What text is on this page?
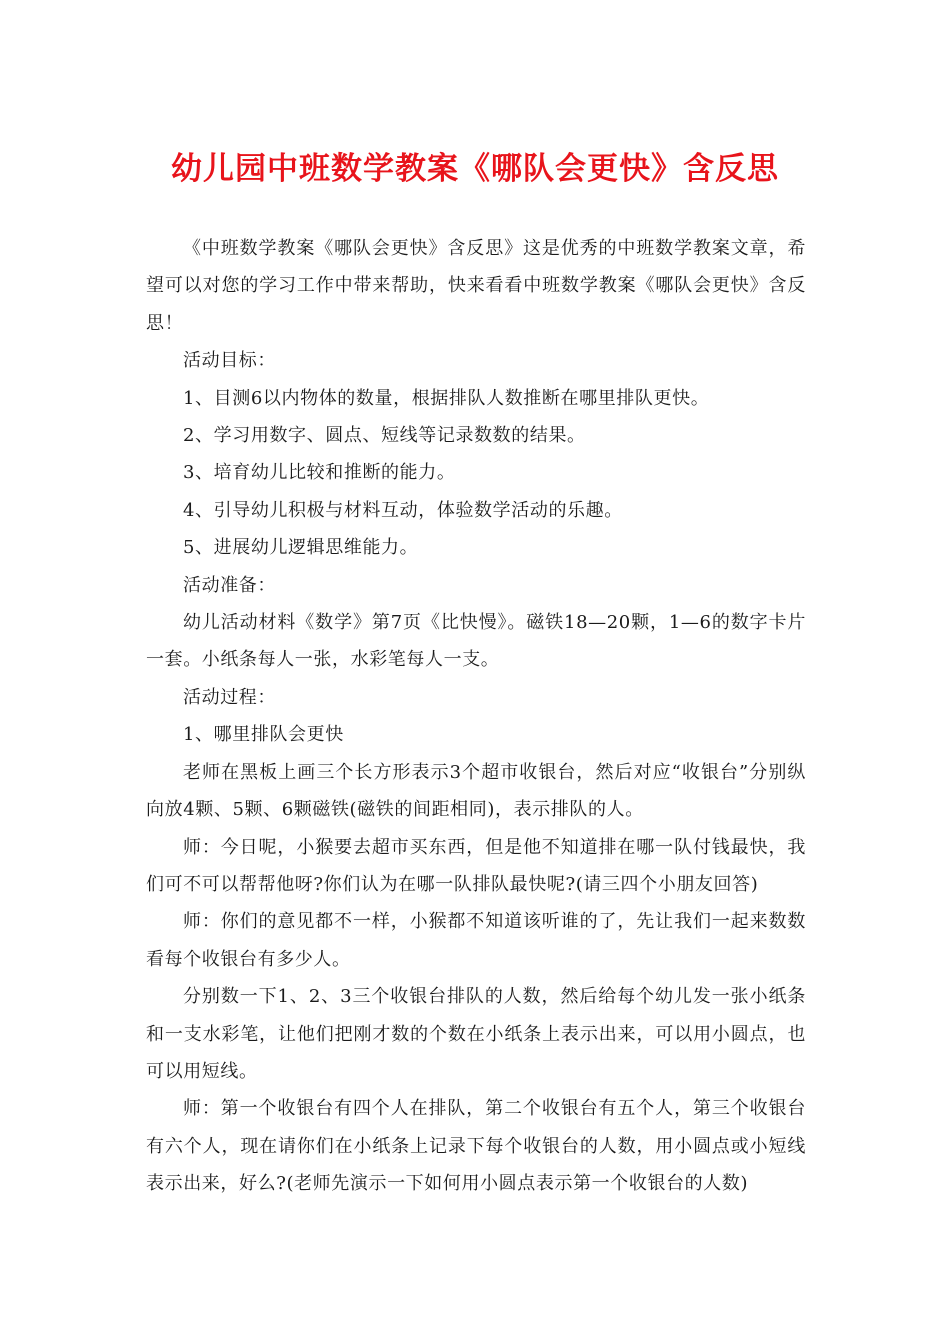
幼儿园中班数学教案《哪队会更快》含反思

《中班数学教案《哪队会更快》含反思》这是优秀的中班数学教案文章，希望可以对您的学习工作中带来帮助，快来看看中班数学教案《哪队会更快》含反思！

活动目标：

1、目测6以内物体的数量，根据排队人数推断在哪里排队更快。

2、学习用数字、圆点、短线等记录数数的结果。

3、培育幼儿比较和推断的能力。

4、引导幼儿积极与材料互动，体验数学活动的乐趣。

5、进展幼儿逻辑思维能力。

活动准备：

幼儿活动材料《数学》第7页《比快慢》。磁铁18—20颗，1—6的数字卡片一套。小纸条每人一张，水彩笔每人一支。

活动过程：

1、哪里排队会更快

老师在黑板上画三个长方形表示3个超市收银台，然后对应“收银台”分别纵向放4颗、5颗、6颗磁铁(磁铁的间距相同)，表示排队的人。

师：今日呢，小猴要去超市买东西，但是他不知道排在哪一队付钱最快，我们可不可以帮帮他呀?你们认为在哪一队排队最快呢?(请三四个小朋友回答)

师：你们的意见都不一样，小猴都不知道该听谁的了，先让我们一起来数数看每个收银台有多少人。

分别数一下1、2、3三个收银台排队的人数，然后给每个幼儿发一张小纸条和一支水彩笔，让他们把刚才数的个数在小纸条上表示出来，可以用小圆点，也可以用短线。

师：第一个收银台有四个人在排队，第二个收银台有五个人，第三个收银台有六个人，现在请你们在小纸条上记录下每个收银台的人数，用小圆点或小短线表示出来，好么?(老师先演示一下如何用小圆点表示第一个收银台的人数)
